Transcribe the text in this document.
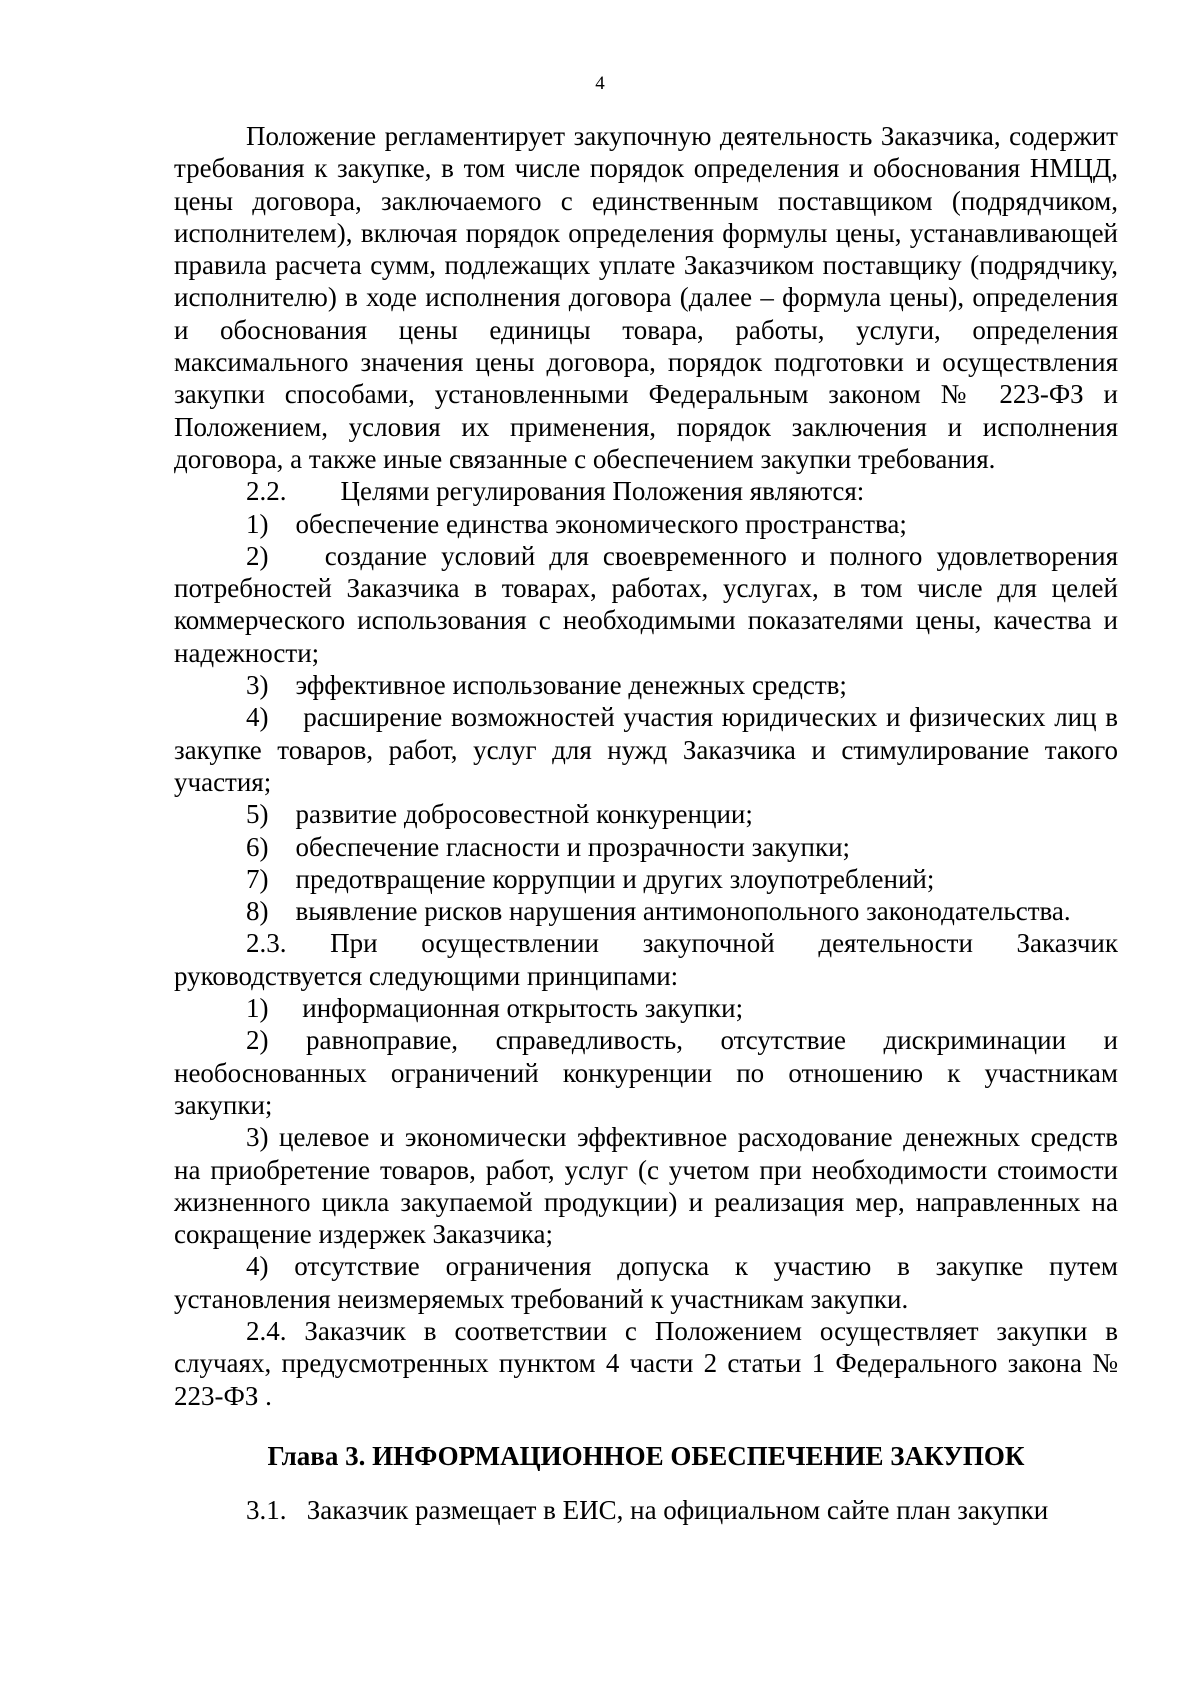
4

Положение регламентирует закупочную деятельность Заказчика, содержит требования к закупке, в том числе порядок определения и обоснования НМЦД, цены договора, заключаемого с единственным поставщиком (подрядчиком, исполнителем), включая порядок определения формулы цены, устанавливающей правила расчета сумм, подлежащих уплате Заказчиком поставщику (подрядчику, исполнителю) в ходе исполнения договора (далее – формула цены), определения и обоснования цены единицы товара, работы, услуги, определения максимального значения цены договора, порядок подготовки и осуществления закупки способами, установленными Федеральным законом № 223-ФЗ и Положением, условия их применения, порядок заключения и исполнения договора, а также иные связанные с обеспечением закупки требования.

2.2.        Целями регулирования Положения являются:

1)    обеспечение единства экономического пространства;

2)    создание условий для своевременного и полного удовлетворения потребностей Заказчика в товарах, работах, услугах, в том числе для целей коммерческого использования с необходимыми показателями цены, качества и надежности;

3)    эффективное использование денежных средств;

4)    расширение возможностей участия юридических и физических лиц в закупке товаров, работ, услуг для нужд Заказчика и стимулирование такого участия;

5)    развитие добросовестной конкуренции;

6)    обеспечение гласности и прозрачности закупки;

7)    предотвращение коррупции и других злоупотреблений;

8)    выявление рисков нарушения антимонопольного законодательства.

2.3.   При   осуществлении   закупочной   деятельности   Заказчик руководствуется следующими принципами:

1)     информационная открытость закупки;

2)  равноправие,  справедливость,  отсутствие  дискриминации  и необоснованных ограничений конкуренции по отношению к участникам закупки;

3) целевое и экономически эффективное расходование денежных средств на приобретение товаров, работ, услуг (с учетом при необходимости стоимости жизненного цикла закупаемой продукции) и реализация мер, направленных на сокращение издержек Заказчика;

4) отсутствие ограничения допуска к участию в закупке путем установления неизмеряемых требований к участникам закупки.

2.4. Заказчик в соответствии с Положением осуществляет закупки в случаях, предусмотренных пунктом 4 части 2 статьи 1 Федерального закона № 223-ФЗ .

Глава 3. ИНФОРМАЦИОННОЕ ОБЕСПЕЧЕНИЕ ЗАКУПОК

3.1.   Заказчик размещает в ЕИС, на официальном сайте план закупки
